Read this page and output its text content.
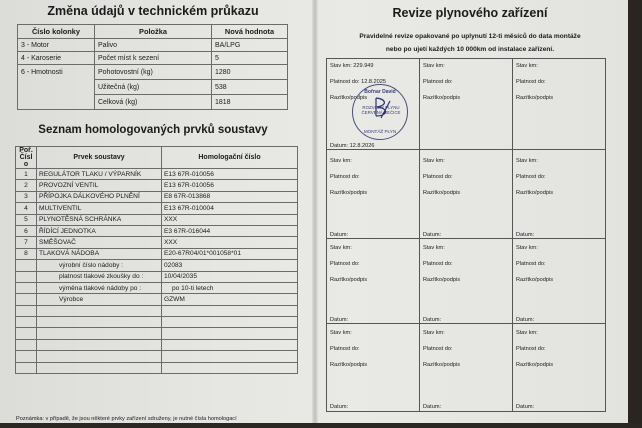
Změna údajů v technickém průkazu
Číslo kolonky	Položka	Nová hodnota
3 - Motor	Palivo	BA/LPG
4 - Karoserie	Počet míst k sezení	5
6 - Hmotnosti	Pohotovostní (kg)	1280
	Užitečná (kg)	538
	Celková (kg)	1818
Seznam homologovaných prvků soustavy
Poř.
Čísl
o	Prvek soustavy	Homologační číslo
1	REGULÁTOR TLAKU / VÝPARNÍK	E13 67R-010056
2	PROVOZNÍ VENTIL	E13 67R-010056
3	PŘÍPOJKA DÁLKOVÉHO PLNĚNÍ	E8 67R-013868
4	MULTIVENTIL	E13 67R-010004
5	PLYNOTĚSNÁ SCHRÁNKA	XXX
6	ŘÍDÍCÍ JEDNOTKA	E3 67R-016044
7	SMĚŠOVAČ	XXX
8	TLAKOVÁ NÁDOBA	E20-67R04/01*001058*01
	výrobní číslo nádoby :	02083
	platnost tlakové zkoušky do :	10/04/2035
	výměna tlakové nádoby po :	po 10-ti letech
	Výrobce	GZWM

Poznámka: v případě, že jsou některé prvky zařízení sdruženy, je nutné čísla homologací
Revize plynového zařízení
Pravidelné revize opakované po uplynutí 12-ti měsíců do data montáže
nebo po ujetí každých 10 000km od instalace zařízení.
Stav km: 229.949
Platnost do: 12.8.2025
Razítko/podpis
Datum: 12.8.2026
Stav km:
Platnost do:
Razítko/podpis
Stav km:
Platnost do:
Razítko/podpis
Stav km:
Platnost do:
Razítko/podpis
Datum:
Stav km:
Platnost do:
Razítko/podpis
Datum:
Stav km:
Platnost do:
Razítko/podpis
Datum:
Stav km:
Platnost do:
Razítko/podpis
Datum:
Stav km:
Platnost do:
Razítko/podpis
Datum:
Stav km:
Platnost do:
Razítko/podpis
Datum:
Stav km:
Platnost do:
Razítko/podpis
Datum:
Stav km:
Platnost do:
Razítko/podpis
Datum:
Stav km:
Platnost do:
Razítko/podpis
Datum:
Bořnar David
ROZVODY PLYNU ČERVENÁ ŘEČICE
MONTÁŽ PLYN
